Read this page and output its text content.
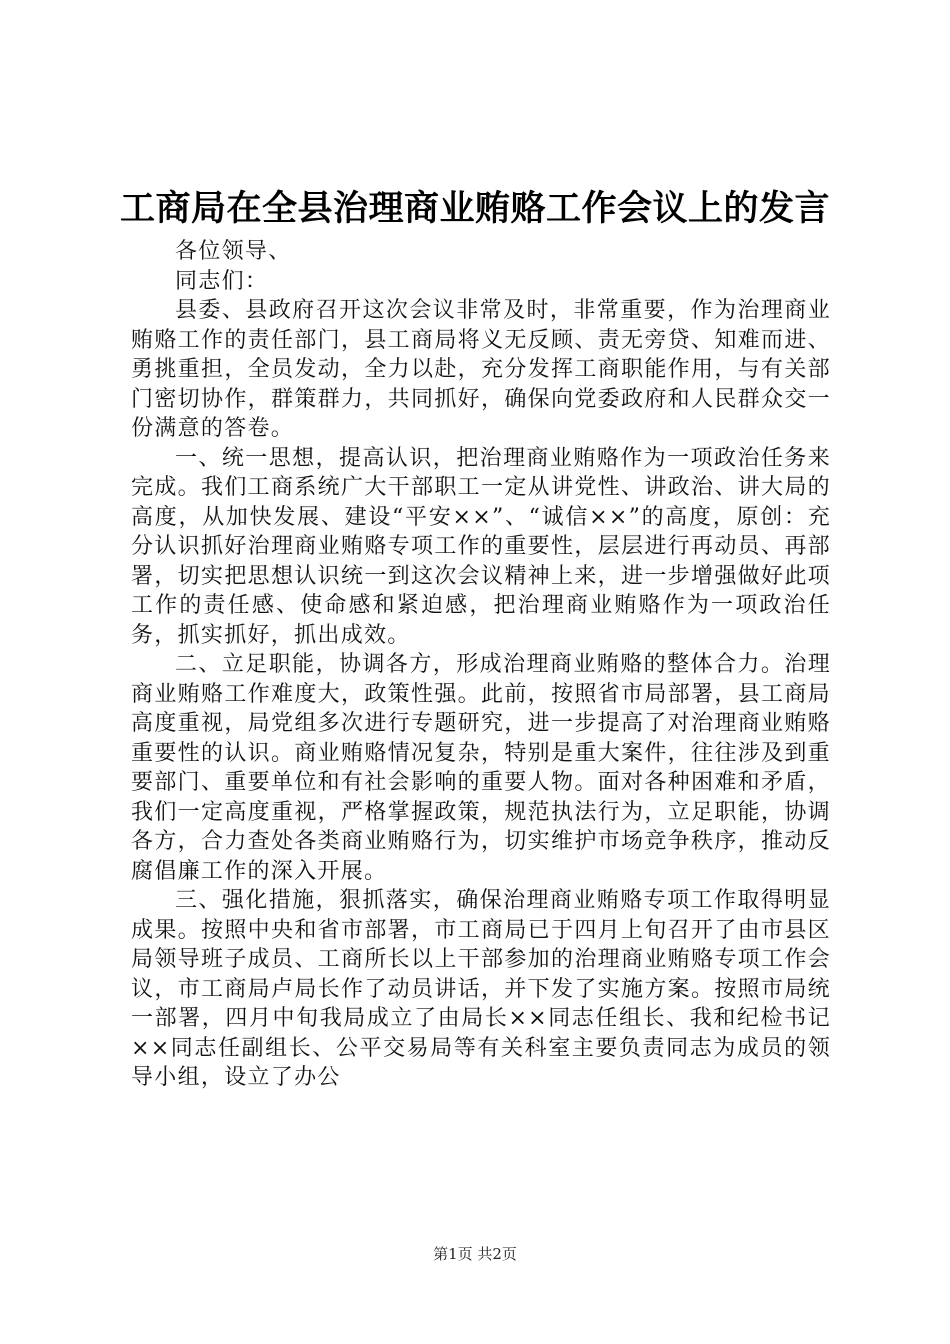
工商局在全县治理商业贿赂工作会议上的发言

各位领导、

同志们：

县委、县政府召开这次会议非常及时，非常重要，作为治理商业贿赂工作的责任部门，县工商局将义无反顾、责无旁贷、知难而进、勇挑重担，全员发动，全力以赴，充分发挥工商职能作用，与有关部门密切协作，群策群力，共同抓好，确保向党委政府和人民群众交一份满意的答卷。

一、统一思想，提高认识，把治理商业贿赂作为一项政治任务来完成。我们工商系统广大干部职工一定从讲党性、讲政治、讲大局的高度，从加快发展、建设“平安××”、“诚信××”的高度，原创：充分认识抓好治理商业贿赂专项工作的重要性，层层进行再动员、再部署，切实把思想认识统一到这次会议精神上来，进一步增强做好此项工作的责任感、使命感和紧迫感，把治理商业贿赂作为一项政治任务，抓实抓好，抓出成效。

二、立足职能，协调各方，形成治理商业贿赂的整体合力。治理商业贿赂工作难度大，政策性强。此前，按照省市局部署，县工商局高度重视，局党组多次进行专题研究，进一步提高了对治理商业贿赂重要性的认识。商业贿赂情况复杂，特别是重大案件，往往涉及到重要部门、重要单位和有社会影响的重要人物。面对各种困难和矛盾，我们一定高度重视，严格掌握政策，规范执法行为，立足职能，协调各方，合力查处各类商业贿赂行为，切实维护市场竞争秩序，推动反腐倡廉工作的深入开展。

三、强化措施，狠抓落实，确保治理商业贿赂专项工作取得明显成果。按照中央和省市部署，市工商局已于四月上旬召开了由市县区局领导班子成员、工商所长以上干部参加的治理商业贿赂专项工作会议，市工商局卢局长作了动员讲话，并下发了实施方案。按照市局统一部署，四月中旬我局成立了由局长××同志任组长、我和纪检书记××同志任副组长、公平交易局等有关科室主要负责同志为成员的领导小组，设立了办公

第1页 共2页
